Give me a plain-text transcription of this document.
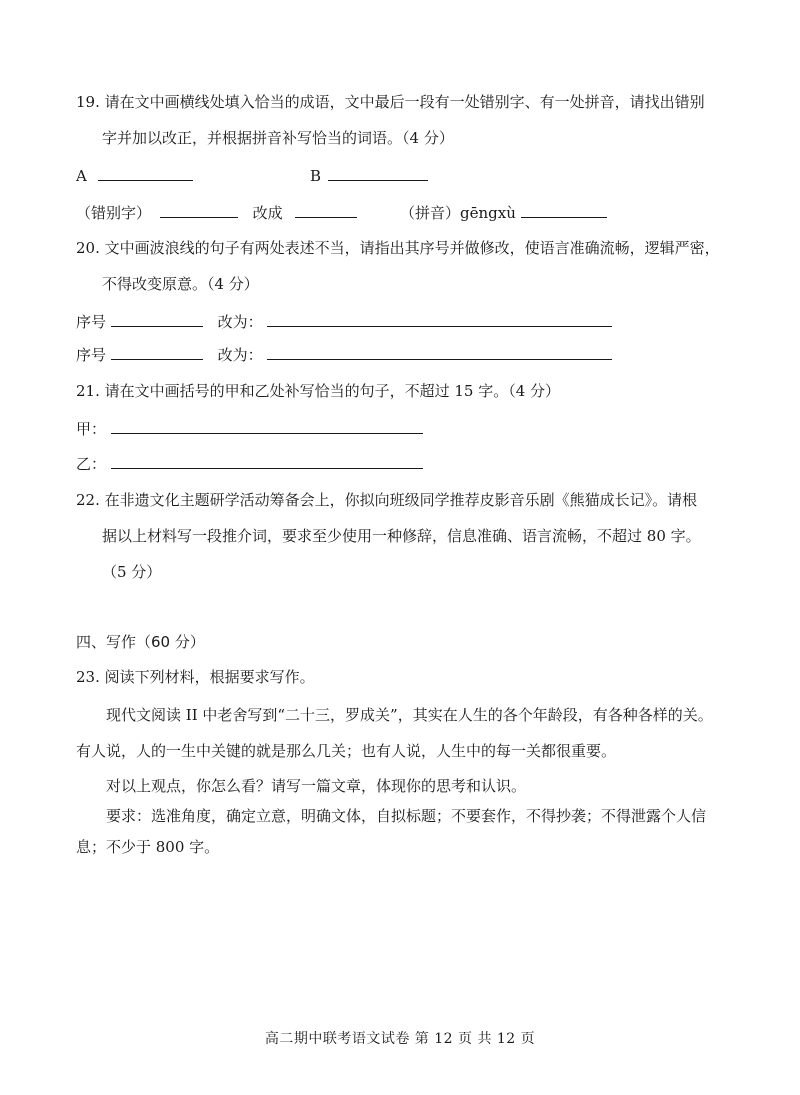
19. 请在文中画横线处填入恰当的成语，文中最后一段有一处错别字、有一处拼音，请找出错别
字并加以改正，并根据拼音补写恰当的词语。（4 分）
A	B
（错别字）	改成	（拼音）gēngxù
20. 文中画波浪线的句子有两处表述不当，请指出其序号并做修改，使语言准确流畅，逻辑严密，
不得改变原意。（4 分）
序号	改为：
序号	改为：
21. 请在文中画括号的甲和乙处补写恰当的句子，不超过 15 字。（4 分）
甲：
乙：
22. 在非遗文化主题研学活动筹备会上，你拟向班级同学推荐皮影音乐剧《熊猫成长记》。请根
据以上材料写一段推介词，要求至少使用一种修辞，信息准确、语言流畅，不超过 80 字。
（5 分）
四、写作（60 分）
23. 阅读下列材料，根据要求写作。
现代文阅读 II 中老舍写到“二十三，罗成关”，其实在人生的各个年龄段，有各种各样的关。
有人说，人的一生中关键的就是那么几关；也有人说，人生中的每一关都很重要。
对以上观点，你怎么看？请写一篇文章，体现你的思考和认识。
要求：选准角度，确定立意，明确文体，自拟标题；不要套作，不得抄袭；不得泄露个人信
息；不少于 800 字。
高二期中联考语文试卷 第 12 页 共 12 页
